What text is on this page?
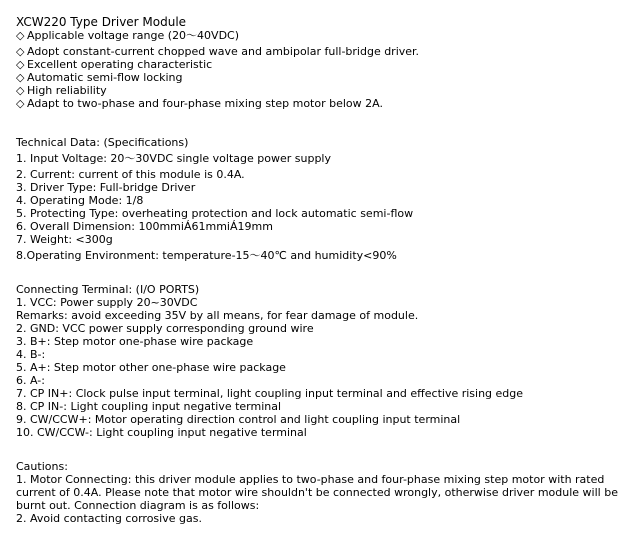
XCW220 Type Driver Module
◇ Applicable voltage range (20～40VDC)
◇ Adopt constant-current chopped wave and ambipolar full-bridge driver.
◇ Excellent operating characteristic
◇ Automatic semi-flow locking
◇ High reliability
◇ Adapt to two-phase and four-phase mixing step motor below 2A.
Technical Data: (Specifications)
1. Input Voltage: 20～30VDC single voltage power supply
2. Current: current of this module is 0.4A.
3. Driver Type: Full-bridge Driver
4. Operating Mode: 1/8
5. Protecting Type: overheating protection and lock automatic semi-flow
6. Overall Dimension: 100mmiÁ61mmiÁ19mm
7. Weight: <300g
8.Operating Environment: temperature-15～40℃ and humidity<90%
Connecting Terminal: (I/O PORTS)
1. VCC: Power supply 20~30VDC
Remarks: avoid exceeding 35V by all means, for fear damage of module.
2. GND: VCC power supply corresponding ground wire
3. B+: Step motor one-phase wire package
4. B-:
5. A+: Step motor other one-phase wire package
6. A-:
7. CP IN+: Clock pulse input terminal, light coupling input terminal and effective rising edge
8. CP IN-: Light coupling input negative terminal
9. CW/CCW+: Motor operating direction control and light coupling input terminal
10. CW/CCW-: Light coupling input negative terminal
Cautions:
1. Motor Connecting: this driver module applies to two-phase and four-phase mixing step motor with rated current of 0.4A. Please note that motor wire shouldn't be connected wrongly, otherwise driver module will be burnt out. Connection diagram is as follows:
2. Avoid contacting corrosive gas.
